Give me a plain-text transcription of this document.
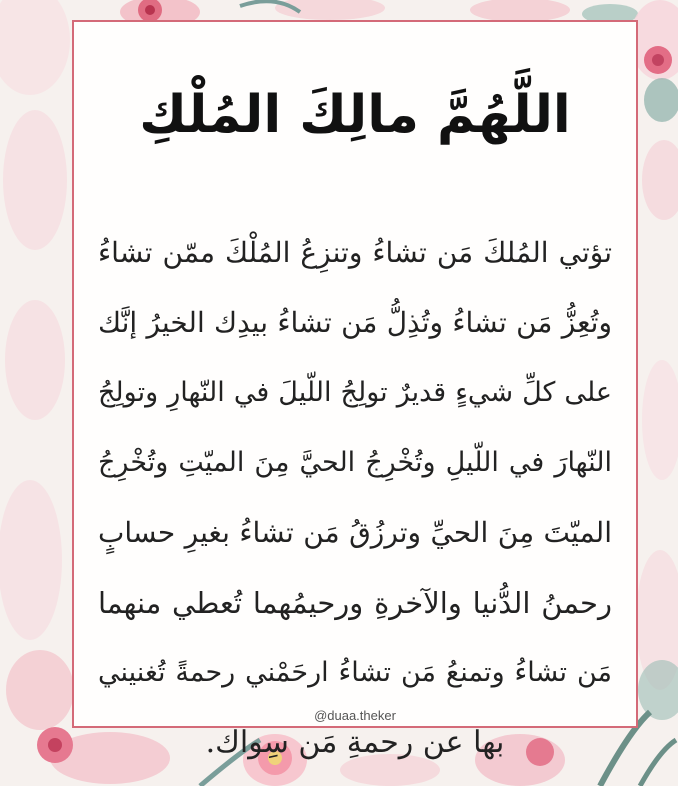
اللَّهُمَّ مالِكَ المُلْكِ
تؤتي المُلكَ مَن تشاءُ وتنزِعُ المُلْكَ ممّن تشاءُ
وتُعِزُّ مَن تشاءُ وتُذِلُّ مَن تشاءُ بيدِك الخيرُ إنَّك
على كلِّ شيءٍ قديرٌ تولِجُ اللّيلَ في النّهارِ وتولِجُ
النّهارَ في اللّيلِ وتُخْرِجُ الحيَّ مِنَ الميّتِ وتُخْرِجُ
الميّتَ مِنَ الحيِّ وترزُقُ مَن تشاءُ بغيرِ حسابٍ
رحمنُ الدُّنيا والآخرةِ ورحيمُهما تُعطي منهما
مَن تشاءُ وتمنعُ مَن تشاءُ ارحَمْني رحمةً تُغنيني
بها عن رحمةِ مَن سِواك.
@duaa.theker
